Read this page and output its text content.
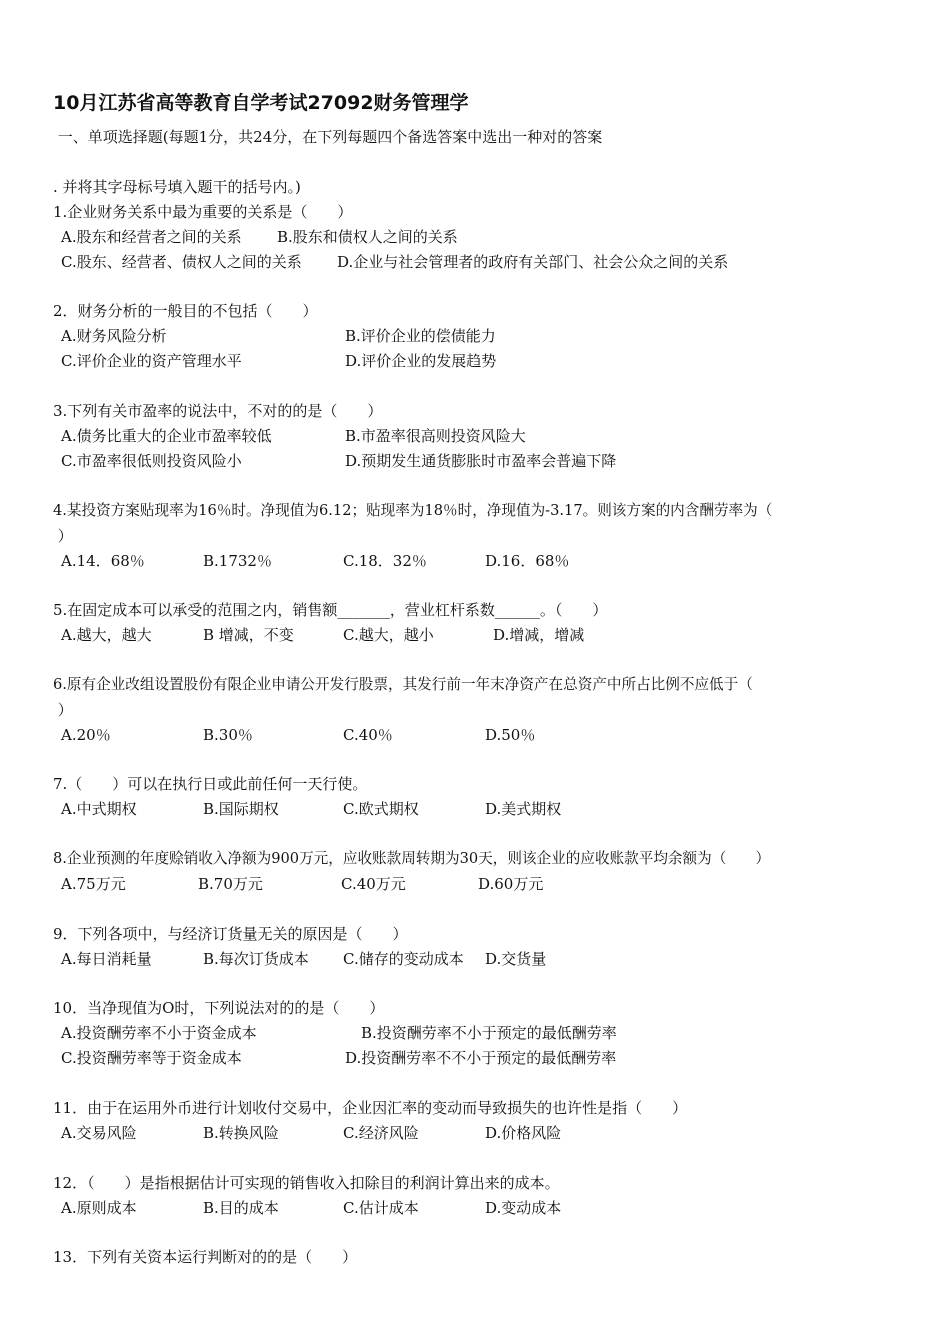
10月江苏省高等教育自学考试27092财务管理学
一、单项选择题(每题1分，共24分，在下列每题四个备选答案中选出一种对的答案
. 并将其字母标号填入题干的括号内。)
1.企业财务关系中最为重要的关系是（　　）
A.股东和经营者之间的关系 B.股东和债权人之间的关系
C.股东、经营者、债权人之间的关系 D.企业与社会管理者的政府有关部门、社会公众之间的关系
2．财务分析的一般目的不包括（　　）
A.财务风险分析	B.评价企业的偿债能力
C.评价企业的资产管理水平	D.评价企业的发展趋势
3.下列有关市盈率的说法中，不对的的是（　　）
A.债务比重大的企业市盈率较低	B.市盈率很高则投资风险大
C.市盈率很低则投资风险小	D.预期发生通货膨胀时市盈率会普遍下降
4.某投资方案贴现率为16％时。净现值为6.12；贴现率为18％时，净现值为-3.17。则该方案的内含酬劳率为（
）
A.14．68％	B.1732％	C.18．32％	D.16．68％
5.在固定成本可以承受的范围之内，销售额_______，营业杠杆系数______。（　　）
A.越大，越大	B 增减，不变	C.越大，越小	D.增减，增减
6.原有企业改组设置股份有限企业申请公开发行股票，其发行前一年末净资产在总资产中所占比例不应低于（
）
A.20％	B.30％	C.40％	D.50％
7.（　　）可以在执行日或此前任何一天行使。
A.中式期权	B.国际期权	C.欧式期权	D.美式期权
8.企业预测的年度赊销收入净额为900万元，应收账款周转期为30天，则该企业的应收账款平均余额为（　　）
A.75万元	B.70万元	C.40万元	D.60万元
9．下列各项中，与经济订货量无关的原因是（　　）
A.每日消耗量	B.每次订货成本 C.储存的变动成本 D.交货量
10．当净现值为O时，下列说法对的的是（　　）
A.投资酬劳率不小于资金成本	B.投资酬劳率不小于预定的最低酬劳率
C.投资酬劳率等于资金成本	D.投资酬劳率不不小于预定的最低酬劳率
11．由于在运用外币进行计划收付交易中，企业因汇率的变动而导致损失的也许性是指（　　）
A.交易风险	B.转换风险	C.经济风险	D.价格风险
12．（　　）是指根据估计可实现的销售收入扣除目的利润计算出来的成本。
A.原则成本	B.目的成本	C.估计成本	D.变动成本
13．下列有关资本运行判断对的的是（　　）
